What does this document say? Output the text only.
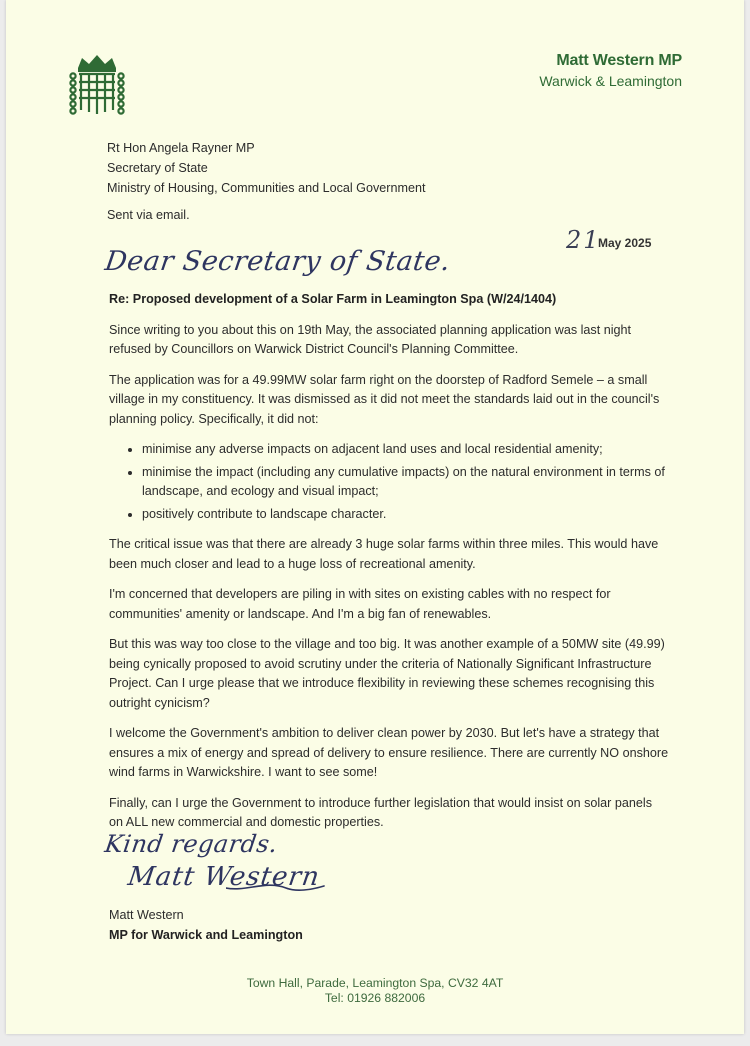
Matt Western MP
Warwick & Leamington
Rt Hon Angela Rayner MP
Secretary of State
Ministry of Housing, Communities and Local Government
Sent via email.
21
May 2025
Dear Secretary of State.
Re: Proposed development of a Solar Farm in Leamington Spa (W/24/1404)

Since writing to you about this on 19th May, the associated planning application was last night refused by Councillors on Warwick District Council's Planning Committee.

The application was for a 49.99MW solar farm right on the doorstep of Radford Semele – a small village in my constituency. It was dismissed as it did not meet the standards laid out in the council's planning policy. Specifically, it did not:

• minimise any adverse impacts on adjacent land uses and local residential amenity;
• minimise the impact (including any cumulative impacts) on the natural environment in terms of landscape, and ecology and visual impact;
• positively contribute to landscape character.

The critical issue was that there are already 3 huge solar farms within three miles. This would have been much closer and lead to a huge loss of recreational amenity.

I'm concerned that developers are piling in with sites on existing cables with no respect for communities' amenity or landscape. And I'm a big fan of renewables.

But this was way too close to the village and too big. It was another example of a 50MW site (49.99) being cynically proposed to avoid scrutiny under the criteria of Nationally Significant Infrastructure Project. Can I urge please that we introduce flexibility in reviewing these schemes recognising this outright cynicism?

I welcome the Government's ambition to deliver clean power by 2030. But let's have a strategy that ensures a mix of energy and spread of delivery to ensure resilience. There are currently NO onshore wind farms in Warwickshire. I want to see some!

Finally, can I urge the Government to introduce further legislation that would insist on solar panels on ALL new commercial and domestic properties.

Kind regards.
Matt Western
Matt Western
MP for Warwick and Leamington
Town Hall, Parade, Leamington Spa, CV32 4AT
Tel: 01926 882006
